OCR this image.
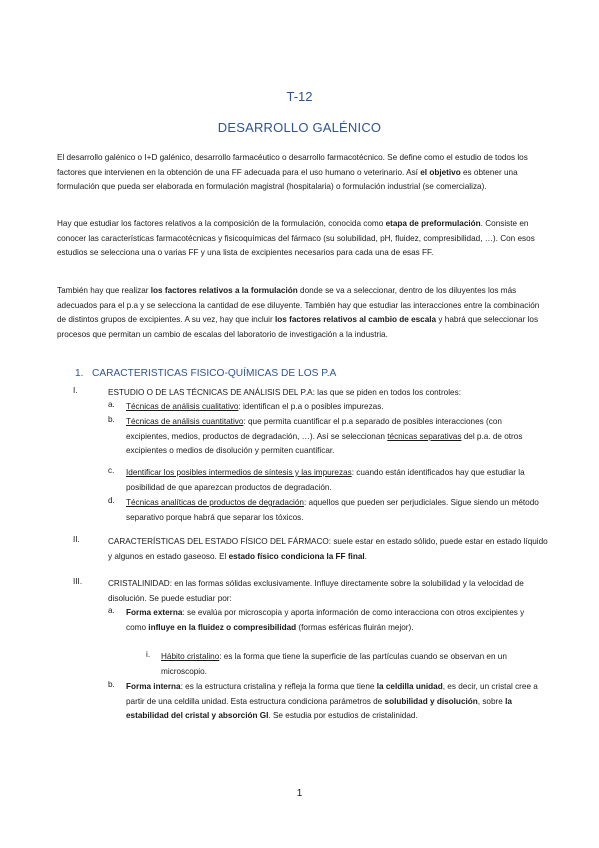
T-12
DESARROLLO GALÉNICO

El desarrollo galénico o I+D galénico, desarrollo farmacéutico o desarrollo farmacotécnico. Se define como el estudio de todos los factores que intervienen en la obtención de una FF adecuada para el uso humano o veterinario. Así el objetivo es obtener una formulación que pueda ser elaborada en formulación magistral (hospitalaria) o formulación industrial (se comercializa).

Hay que estudiar los factores relativos a la composición de la formulación, conocida como etapa de preformulación. Consiste en conocer las características farmacotécnicas y fisicoquímicas del fármaco (su solubilidad, pH, fluidez, compresibilidad, …). Con esos estudios se selecciona una o varias FF y una lista de excipientes necesarios para cada una de esas FF.

También hay que realizar los factores relativos a la formulación donde se va a seleccionar, dentro de los diluyentes los más adecuados para el p.a y se selecciona la cantidad de ese diluyente. También hay que estudiar las interacciones entre la combinación de distintos grupos de excipientes. A su vez, hay que incluir los factores relativos al cambio de escala y habrá que seleccionar los procesos que permitan un cambio de escalas del laboratorio de investigación a la industria.

1. CARACTERISTICAS FISICO-QUÍMICAS DE LOS P.A
I.	ESTUDIO O DE LAS TÉCNICAS DE ANÁLISIS DEL P.A: las que se piden en todos los controles:

a. Técnicas de análisis cualitativo: identifican el p.a o posibles impurezas.

b. Técnicas de análisis cuantitativo: que permita cuantificar el p.a separado de posibles interacciones (con excipientes, medios, productos de degradación, …). Así se seleccionan técnicas separativas del p.a. de otros excipientes o medios de disolución y permiten cuantificar.

c. Identificar los posibles intermedios de síntesis y las impurezas: cuando están identificados hay que estudiar la posibilidad de que aparezcan productos de degradación.

d. Técnicas analíticas de productos de degradación: aquellos que pueden ser perjudiciales. Sigue siendo un método separativo porque habrá que separar los tóxicos.

II.	CARACTERÍSTICAS DEL ESTADO FÍSICO DEL FÁRMACO: suele estar en estado sólido, puede estar en estado líquido y algunos en estado gaseoso. El estado físico condiciona la FF final.

III.	CRISTALINIDAD: en las formas sólidas exclusivamente. Influye directamente sobre la solubilidad y la velocidad de disolución. Se puede estudiar por:

a. Forma externa: se evalúa por microscopia y aporta información de como interacciona con otros excipientes y como influye en la fluidez o compresibilidad (formas esféricas fluirán mejor).

i. Hábito cristalino: es la forma que tiene la superficie de las partículas cuando se observan en un microscopio.

b. Forma interna: es la estructura cristalina y refleja la forma que tiene la celdilla unidad, es decir, un cristal cree a partir de una celdilla unidad. Esta estructura condiciona parámetros de solubilidad y disolución, sobre la estabilidad del cristal y absorción GI. Se estudia por estudios de cristalinidad.

1
